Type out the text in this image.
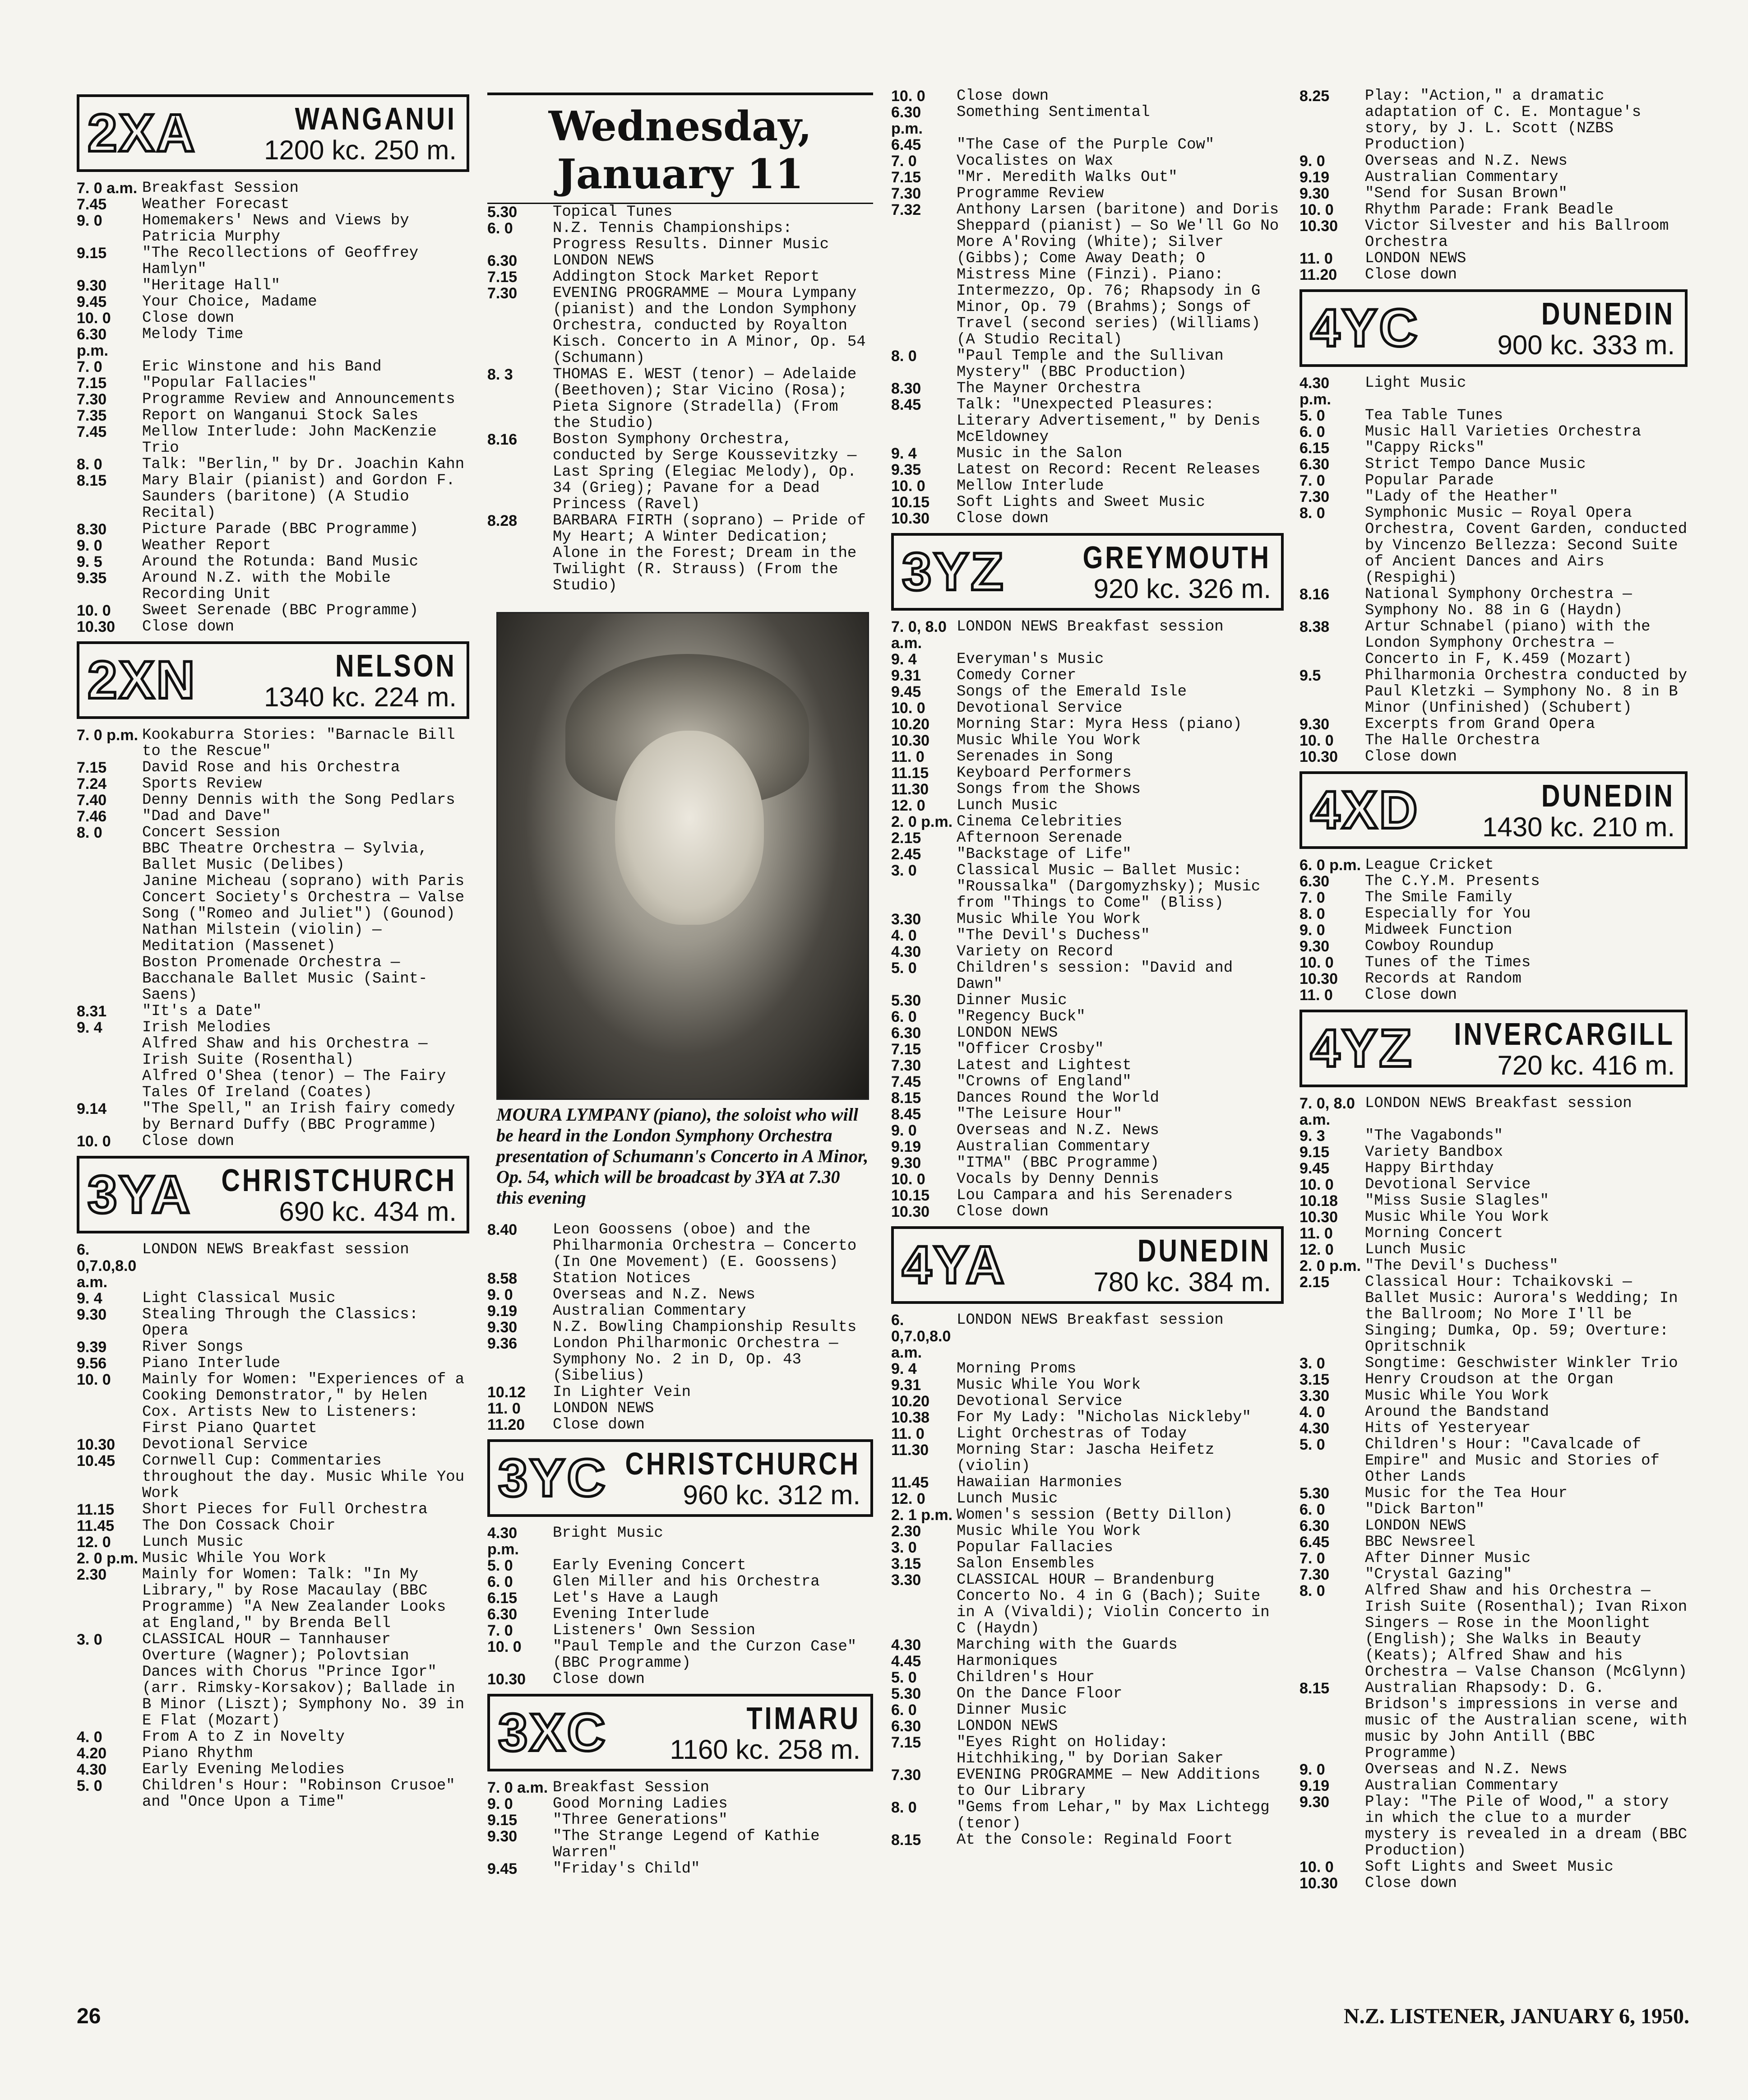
2XA	WANGANUI
1200 kc. 250 m.
7. 0 a.m. Breakfast Session
7.45	Weather Forecast
9. 0	Homemakers' News and Views by Patricia Murphy
9.15	"The Recollections of Geoffrey Hamlyn"
9.30	"Heritage Hall"
9.45	Your Choice, Madame
10. 0	Close down
6.30 p.m.
Melody Time
7. 0	Eric Winstone and his Band
7.15	"Popular Fallacies"
7.30	Programme Review and Announcements
7.35	Report on Wanganui Stock Sales
7.45	Mellow Interlude: John MacKenzie Trio
8. 0	Talk: "Berlin," by Dr. Joachin Kahn
8.15	Mary Blair (pianist) and Gordon F. Saunders (baritone) (A Studio Recital)
8.30	Picture Parade (BBC Programme)
9. 0	Weather Report
9. 5	Around the Rotunda: Band Music
9.35	Around N.Z. with the Mobile Recording Unit
10. 0	Sweet Serenade (BBC Programme)
10.30	Close down
2XN	NELSON
1340 kc. 224 m.
7. 0 p.m. Kookaburra Stories: "Barnacle Bill to the Rescue"
7.15	David Rose and his Orchestra
7.24	Sports Review
7.40	Denny Dennis with the Song Pedlars
7.46	"Dad and Dave"
8. 0	Concert Session
BBC Theatre Orchestra — Sylvia, Ballet Music (Delibes)
Janine Micheau (soprano) with Paris Concert Society's Orchestra — Valse Song ("Romeo and Juliet") (Gounod)
Nathan Milstein (violin) — Meditation (Massenet)
Boston Promenade Orchestra — Bacchanale Ballet Music (Saint-Saens)
8.31	"It's a Date"
9. 4	Irish Melodies
Alfred Shaw and his Orchestra — Irish Suite (Rosenthal)
Alfred O'Shea (tenor) — The Fairy Tales Of Ireland (Coates)
9.14	"The Spell," an Irish fairy comedy by Bernard Duffy (BBC Programme)
10. 0	Close down
3YA CHRISTCHURCH
690 kc. 434 m.
6. 0,7.0,8.0 a.m.
LONDON NEWS Breakfast session
9. 4	Light Classical Music
9.30	Stealing Through the Classics: Opera
9.39	River Songs
9.56	Piano Interlude
10. 0	Mainly for Women: "Experiences of a Cooking Demonstrator," by Helen Cox. Artists New to Listeners: First Piano Quartet
10.30	Devotional Service
10.45	Cornwell Cup: Commentaries throughout the day. Music While You Work
11.15	Short Pieces for Full Orchestra
11.45	The Don Cossack Choir
12. 0	Lunch Music
2. 0 p.m. Music While You Work
2.30	Mainly for Women: Talk: "In My Library," by Rose Macaulay (BBC Programme) "A New Zealander Looks at England," by Brenda Bell
3. 0	CLASSICAL HOUR — Tannhauser Overture (Wagner); Polovtsian Dances with Chorus "Prince Igor" (arr. Rimsky-Korsakov); Ballade in B Minor (Liszt); Symphony No. 39 in E Flat (Mozart)
4. 0	From A to Z in Novelty
4.20	Piano Rhythm
4.30	Early Evening Melodies
5. 0	Children's Hour: "Robinson Crusoe" and "Once Upon a Time"
Wednesday, January 11
5.30	Topical Tunes
6. 0	N.Z. Tennis Championships: Progress Results. Dinner Music
6.30	LONDON NEWS
7.15	Addington Stock Market Report
7.30	EVENING PROGRAMME — Moura Lympany (pianist) and the London Symphony Orchestra, conducted by Royalton Kisch. Concerto in A Minor, Op. 54 (Schumann)
8. 3	THOMAS E. WEST (tenor) — Adelaide (Beethoven); Star Vicino (Rosa); Pieta Signore (Stradella) (From the Studio)
8.16	Boston Symphony Orchestra, conducted by Serge Koussevitzky — Last Spring (Elegiac Melody), Op. 34 (Grieg); Pavane for a Dead Princess (Ravel)
8.28	BARBARA FIRTH (soprano) — Pride of My Heart; A Winter Dedication; Alone in the Forest; Dream in the Twilight (R. Strauss) (From the Studio)
MOURA LYMPANY (piano), the soloist who will be heard in the London Symphony Orchestra presentation of Schumann's Concerto in A Minor, Op. 54, which will be broadcast by 3YA at 7.30 this evening
8.40	Leon Goossens (oboe) and the Philharmonia Orchestra — Concerto (In One Movement) (E. Goossens)
8.58	Station Notices
9. 0	Overseas and N.Z. News
9.19	Australian Commentary
9.30	N.Z. Bowling Championship Results
9.36	London Philharmonic Orchestra — Symphony No. 2 in D, Op. 43 (Sibelius)
10.12	In Lighter Vein
11. 0	LONDON NEWS
11.20	Close down
3YC CHRISTCHURCH
960 kc. 312 m.
4.30 p.m.
Bright Music
5. 0	Early Evening Concert
6. 0	Glen Miller and his Orchestra
6.15	Let's Have a Laugh
6.30	Evening Interlude
7. 0	Listeners' Own Session
10. 0	"Paul Temple and the Curzon Case" (BBC Programme)
10.30	Close down
3XC	TIMARU
1160 kc. 258 m.
7. 0 a.m. Breakfast Session
9. 0	Good Morning Ladies
9.15	"Three Generations"
9.30	"The Strange Legend of Kathie Warren"
9.45	"Friday's Child"
10. 0	Close down
6.30 p.m.
Something Sentimental
6.45	"The Case of the Purple Cow"
7. 0	Vocalistes on Wax
7.15	"Mr. Meredith Walks Out"
7.30	Programme Review
7.32	Anthony Larsen (baritone) and Doris Sheppard (pianist) — So We'll Go No More A'Roving (White); Silver (Gibbs); Come Away Death; O Mistress Mine (Finzi). Piano: Intermezzo, Op. 76; Rhapsody in G Minor, Op. 79 (Brahms); Songs of Travel (second series) (Williams) (A Studio Recital)
8. 0	"Paul Temple and the Sullivan Mystery" (BBC Production)
8.30	The Mayner Orchestra
8.45	Talk: "Unexpected Pleasures: Literary Advertisement," by Denis McEldowney
9. 4	Music in the Salon
9.35	Latest on Record: Recent Releases
10. 0	Mellow Interlude
10.15	Soft Lights and Sweet Music
10.30	Close down
3YZ GREYMOUTH
920 kc. 326 m.
7. 0, 8.0 a.m.
LONDON NEWS Breakfast session
9. 4	Everyman's Music
9.31	Comedy Corner
9.45	Songs of the Emerald Isle
10. 0	Devotional Service
10.20	Morning Star: Myra Hess (piano)
10.30	Music While You Work
11. 0	Serenades in Song
11.15	Keyboard Performers
11.30	Songs from the Shows
12. 0	Lunch Music
2. 0 p.m. Cinema Celebrities
2.15	Afternoon Serenade
2.45	"Backstage of Life"
3. 0	Classical Music — Ballet Music: "Roussalka" (Dargomyzhsky); Music from "Things to Come" (Bliss)
3.30	Music While You Work
4. 0	"The Devil's Duchess"
4.30	Variety on Record
5. 0	Children's session: "David and Dawn"
5.30	Dinner Music
6. 0	"Regency Buck"
6.30	LONDON NEWS
7.15	"Officer Crosby"
7.30	Latest and Lightest
7.45	"Crowns of England"
8.15	Dances Round the World
8.45	"The Leisure Hour"
9. 0	Overseas and N.Z. News
9.19	Australian Commentary
9.30	"ITMA" (BBC Programme)
10. 0	Vocals by Denny Dennis
10.15	Lou Campara and his Serenaders
10.30	Close down
4YA	DUNEDIN
780 kc. 384 m.
6. 0,7.0,8.0 a.m.
LONDON NEWS Breakfast session
9. 4	Morning Proms
9.31	Music While You Work
10.20	Devotional Service
10.38	For My Lady: "Nicholas Nickleby"
11. 0	Light Orchestras of Today
11.30	Morning Star: Jascha Heifetz (violin)
11.45	Hawaiian Harmonies
12. 0	Lunch Music
2. 1 p.m. Women's session (Betty Dillon)
2.30	Music While You Work
3. 0	Popular Fallacies
3.15	Salon Ensembles
3.30	CLASSICAL HOUR — Brandenburg Concerto No. 4 in G (Bach); Suite in A (Vivaldi); Violin Concerto in C (Haydn)
4.30	Marching with the Guards
4.45	Harmoniques
5. 0	Children's Hour
5.30	On the Dance Floor
6. 0	Dinner Music
6.30	LONDON NEWS
7.15	"Eyes Right on Holiday: Hitchhiking," by Dorian Saker
7.30	EVENING PROGRAMME — New Additions to Our Library
8. 0	"Gems from Lehar," by Max Lichtegg (tenor)
8.15	At the Console: Reginald Foort
8.25	Play: "Action," a dramatic adaptation of C. E. Montague's story, by J. L. Scott (NZBS Production)
9. 0	Overseas and N.Z. News
9.19	Australian Commentary
9.30	"Send for Susan Brown"
10. 0	Rhythm Parade: Frank Beadle
10.30	Victor Silvester and his Ballroom Orchestra
11. 0	LONDON NEWS
11.20	Close down
4YC	DUNEDIN
900 kc. 333 m.
4.30 p.m.
Light Music
5. 0	Tea Table Tunes
6. 0	Music Hall Varieties Orchestra
6.15	"Cappy Ricks"
6.30	Strict Tempo Dance Music
7. 0	Popular Parade
7.30	"Lady of the Heather"
8. 0	Symphonic Music — Royal Opera Orchestra, Covent Garden, conducted by Vincenzo Bellezza: Second Suite of Ancient Dances and Airs (Respighi)
8.16	National Symphony Orchestra — Symphony No. 88 in G (Haydn)
8.38	Artur Schnabel (piano) with the London Symphony Orchestra — Concerto in F, K.459 (Mozart)
9.5	Philharmonia Orchestra conducted by Paul Kletzki — Symphony No. 8 in B Minor (Unfinished) (Schubert)
9.30	Excerpts from Grand Opera
10. 0	The Halle Orchestra
10.30	Close down
4XD	DUNEDIN
1430 kc. 210 m.
6. 0 p.m. League Cricket
6.30	The C.Y.M. Presents
7. 0	The Smile Family
8. 0	Especially for You
9. 0	Midweek Function
9.30	Cowboy Roundup
10. 0	Tunes of the Times
10.30	Records at Random
11. 0	Close down
4YZ INVERCARGILL
720 kc. 416 m.
7. 0, 8.0 a.m.
LONDON NEWS Breakfast session
9. 3	"The Vagabonds"
9.15	Variety Bandbox
9.45	Happy Birthday
10. 0	Devotional Service
10.18	"Miss Susie Slagles"
10.30	Music While You Work
11. 0	Morning Concert
12. 0	Lunch Music
2. 0 p.m. "The Devil's Duchess"
2.15	Classical Hour: Tchaikovski — Ballet Music: Aurora's Wedding; In the Ballroom; No More I'll be Singing; Dumka, Op. 59; Overture: Opritschnik
3. 0	Songtime: Geschwister Winkler Trio
3.15	Henry Croudson at the Organ
3.30	Music While You Work
4. 0	Around the Bandstand
4.30	Hits of Yesteryear
5. 0	Children's Hour: "Cavalcade of Empire" and Music and Stories of Other Lands
5.30	Music for the Tea Hour
6. 0	"Dick Barton"
6.30	LONDON NEWS
6.45	BBC Newsreel
7. 0	After Dinner Music
7.30	"Crystal Gazing"
8. 0	Alfred Shaw and his Orchestra — Irish Suite (Rosenthal); Ivan Rixon Singers — Rose in the Moonlight (English); She Walks in Beauty (Keats); Alfred Shaw and his Orchestra — Valse Chanson (McGlynn)
8.15	Australian Rhapsody: D. G. Bridson's impressions in verse and music of the Australian scene, with music by John Antill (BBC Programme)
9. 0	Overseas and N.Z. News
9.19	Australian Commentary
9.30	Play: "The Pile of Wood," a story in which the clue to a murder mystery is revealed in a dream (BBC Production)
10. 0	Soft Lights and Sweet Music
10.30	Close down
26	N.Z. LISTENER, JANUARY 6, 1950.
